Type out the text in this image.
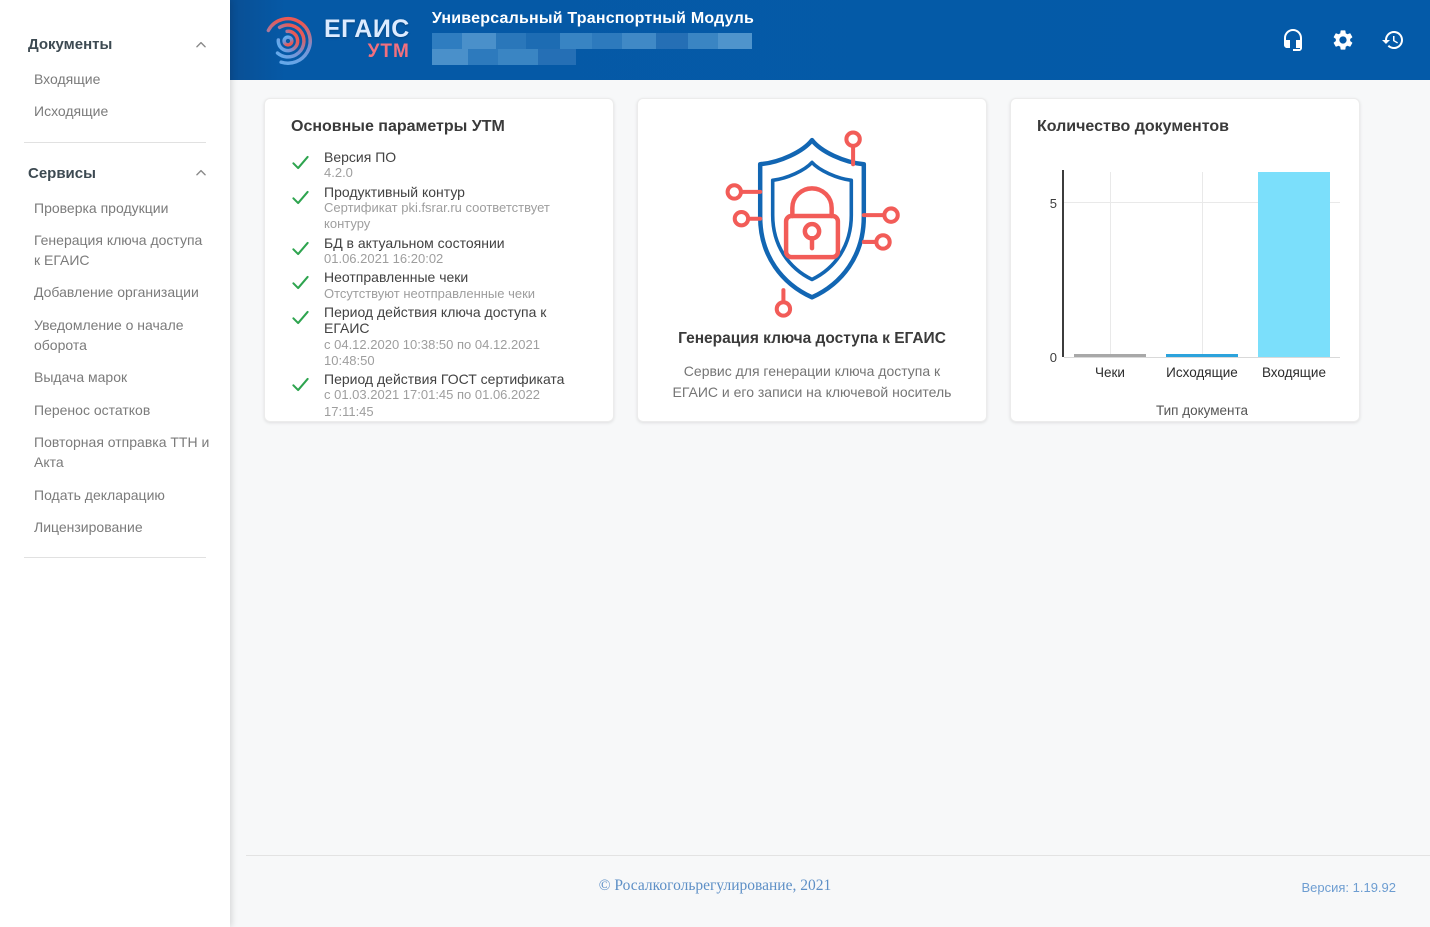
Документы
Входящие
Исходящие
Сервисы
Проверка продукции
Генерация ключа доступа к ЕГАИС
Добавление организации
Уведомление о начале оборота
Выдача марок
Перенос остатков
Повторная отправка ТТН и Акта
Подать декларацию
Лицензирование
ЕГАИС
УТМ
Универсальный Транспортный Модуль
Основные параметры УТМ
Версия ПО
4.2.0
Продуктивный контур
Сертификат pki.fsrar.ru соответствует контуру
БД в актуальном состоянии
01.06.2021 16:20:02
Неотправленные чеки
Отсутствуют неотправленные чеки
Период действия ключа доступа к ЕГАИС
с 04.12.2020 10:38:50 по 04.12.2021 10:48:50
Период действия ГОСТ сертификата
с 01.03.2021 17:01:45 по 01.06.2022 17:11:45
Генерация ключа доступа к ЕГАИС
Сервис для генерации ключа доступа к ЕГАИС и его записи на ключевой носитель
Количество документов
5
0
Чеки	Исходящие	Входящие
Тип документа
© Росалкогольрегулирование, 2021	Версия: 1.19.92
